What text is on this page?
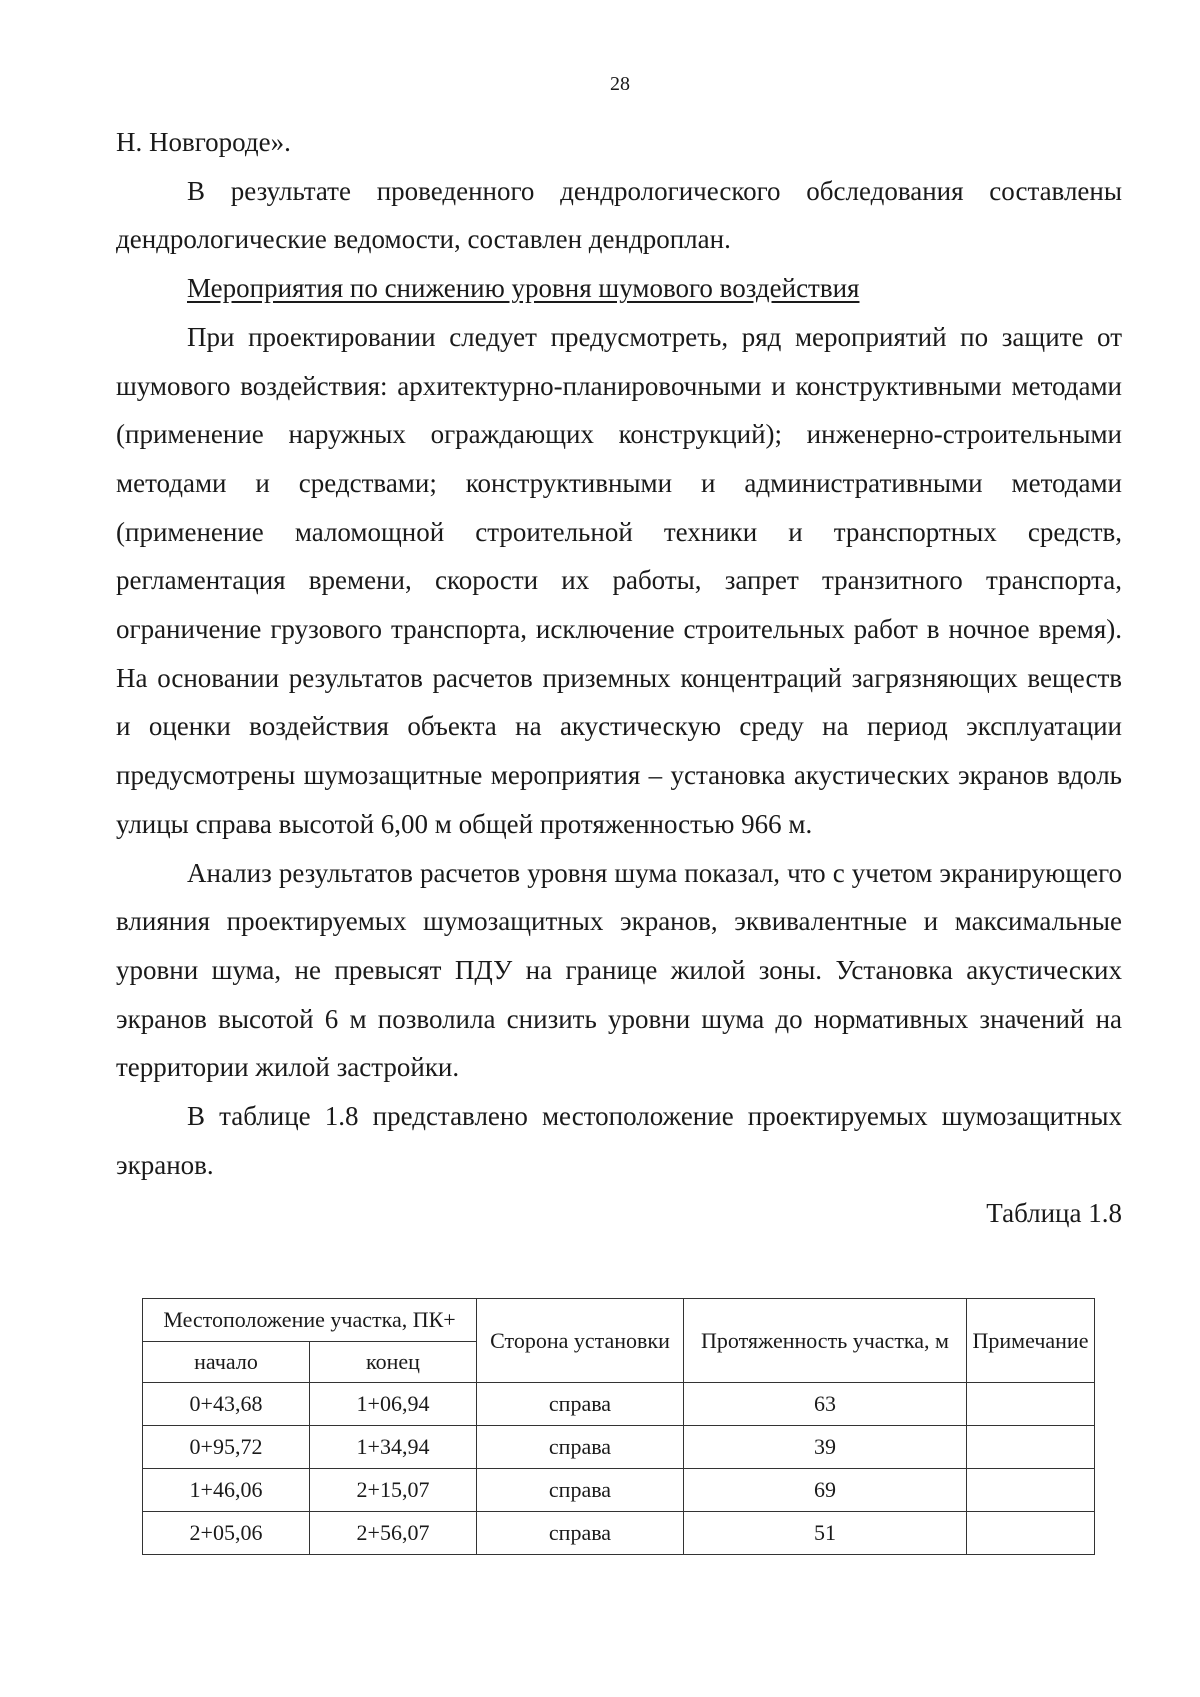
28

Н. Новгороде».

В результате проведенного дендрологического обследования составлены дендрологические ведомости, составлен дендроплан.

Мероприятия по снижению уровня шумового воздействия

При проектировании следует предусмотреть, ряд мероприятий по защите от шумового воздействия: архитектурно-планировочными и конструктивными методами (применение наружных ограждающих конструкций); инженерно-строительными методами и средствами; конструктивными и административными методами (применение маломощной строительной техники и транспортных средств, регламентация времени, скорости их работы, запрет транзитного транспорта, ограничение грузового транспорта, исключение строительных работ в ночное время). На основании результатов расчетов приземных концентраций загрязняющих веществ и оценки воздействия объекта на акустическую среду на период эксплуатации предусмотрены шумозащитные мероприятия – установка акустических экранов вдоль улицы справа высотой 6,00 м общей протяженностью 966 м.

Анализ результатов расчетов уровня шума показал, что с учетом экранирующего влияния проектируемых шумозащитных экранов, эквивалентные и максимальные уровни шума, не превысят ПДУ на границе жилой зоны. Установка акустических экранов высотой 6 м позволила снизить уровни шума до нормативных значений на территории жилой застройки.

В таблице 1.8 представлено местоположение проектируемых шумозащитных экранов.

Таблица 1.8

Местоположение участка, ПК+		Сторона установки	Протяженность участка, м	Примечание
начало	конец			
0+43,68	1+06,94	справа	63	
0+95,72	1+34,94	справа	39	
1+46,06	2+15,07	справа	69	
2+05,06	2+56,07	справа	51	
